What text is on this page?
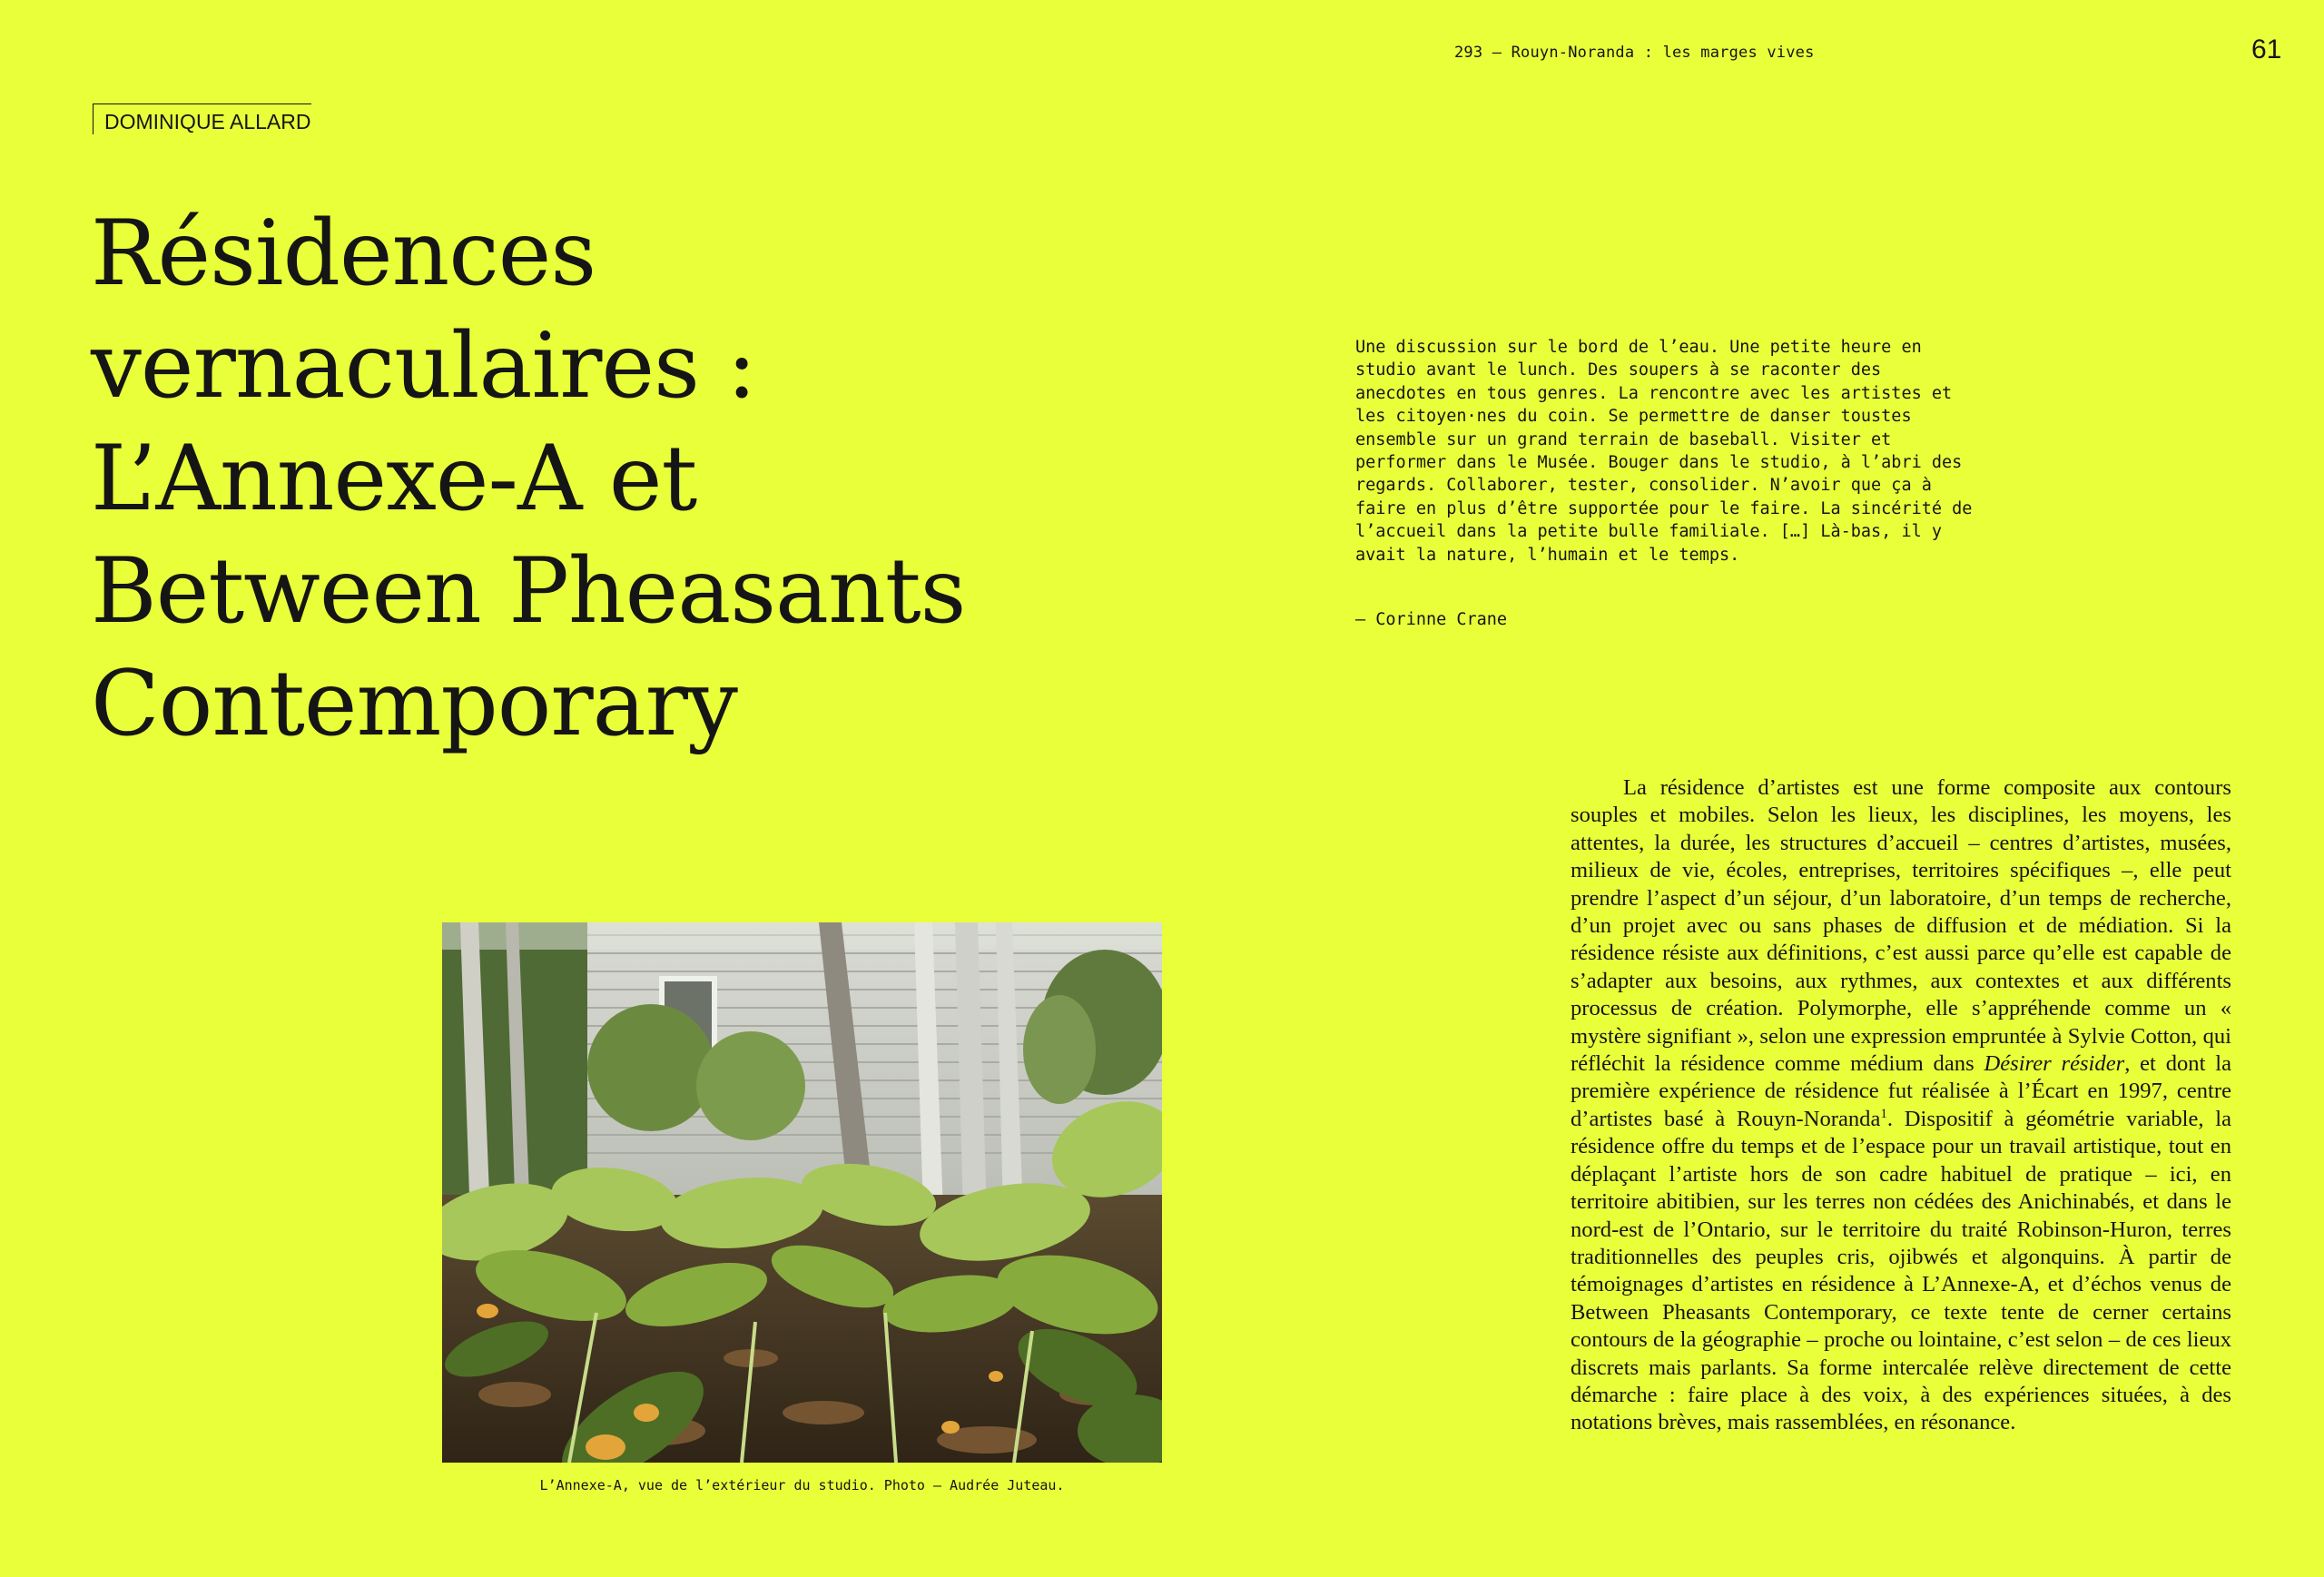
293 — Rouyn-Noranda : les marges vives	61
DOMINIQUE ALLARD
Résidences
vernaculaires :
L’Annexe-A et
Between Pheasants
Contemporary

Une discussion sur le bord de l’eau. Une petite heure en studio avant le lunch. Des soupers à se raconter des anecdotes en tous genres. La rencontre avec les artistes et les citoyen·nes du coin. Se permettre de danser toustes ensemble sur un grand terrain de baseball. Visiter et performer dans le Musée. Bouger dans le studio, à l’abri des regards. Collaborer, tester, consolider. N’avoir que ça à faire en plus d’être supportée pour le faire. La sincérité de l’accueil dans la petite bulle familiale. […] Là-bas, il y avait la nature, l’humain et le temps.

– Corinne Crane
L’Annexe-A, vue de l’extérieur du studio. Photo – Audrée Juteau.

La résidence d’artistes est une forme composite aux contours souples et mobiles. Selon les lieux, les disciplines, les moyens, les attentes, la durée, les structures d’accueil – centres d’artistes, musées, milieux de vie, écoles, entreprises, territoires spécifiques –, elle peut prendre l’aspect d’un séjour, d’un laboratoire, d’un temps de recherche, d’un projet avec ou sans phases de diffusion et de médiation. Si la résidence résiste aux définitions, c’est aussi parce qu’elle est capable de s’adapter aux besoins, aux rythmes, aux contextes et aux différents processus de création. Polymorphe, elle s’appréhende comme un « mystère signifiant », selon une expression empruntée à Sylvie Cotton, qui réfléchit la résidence comme médium dans Désirer résider, et dont la première expérience de résidence fut réalisée à l’Écart en 1997, centre d’artistes basé à Rouyn-Noranda$^1$. Dispositif à géométrie variable, la résidence offre du temps et de l’espace pour un travail artistique, tout en déplaçant l’artiste hors de son cadre habituel de pratique – ici, en territoire abitibien, sur les terres non cédées des Anichinabés, et dans le nord-est de l’Ontario, sur le territoire du traité Robinson-Huron, terres traditionnelles des peuples cris, ojibwés et algonquins. À partir de témoignages d’artistes en résidence à L’Annexe-A, et d’échos venus de Between Pheasants Contemporary, ce texte tente de cerner certains contours de la géographie – proche ou lointaine, c’est selon – de ces lieux discrets mais parlants. Sa forme intercalée relève directement de cette démarche : faire place à des voix, à des expériences situées, à des notations brèves, mais rassemblées, en résonance.
